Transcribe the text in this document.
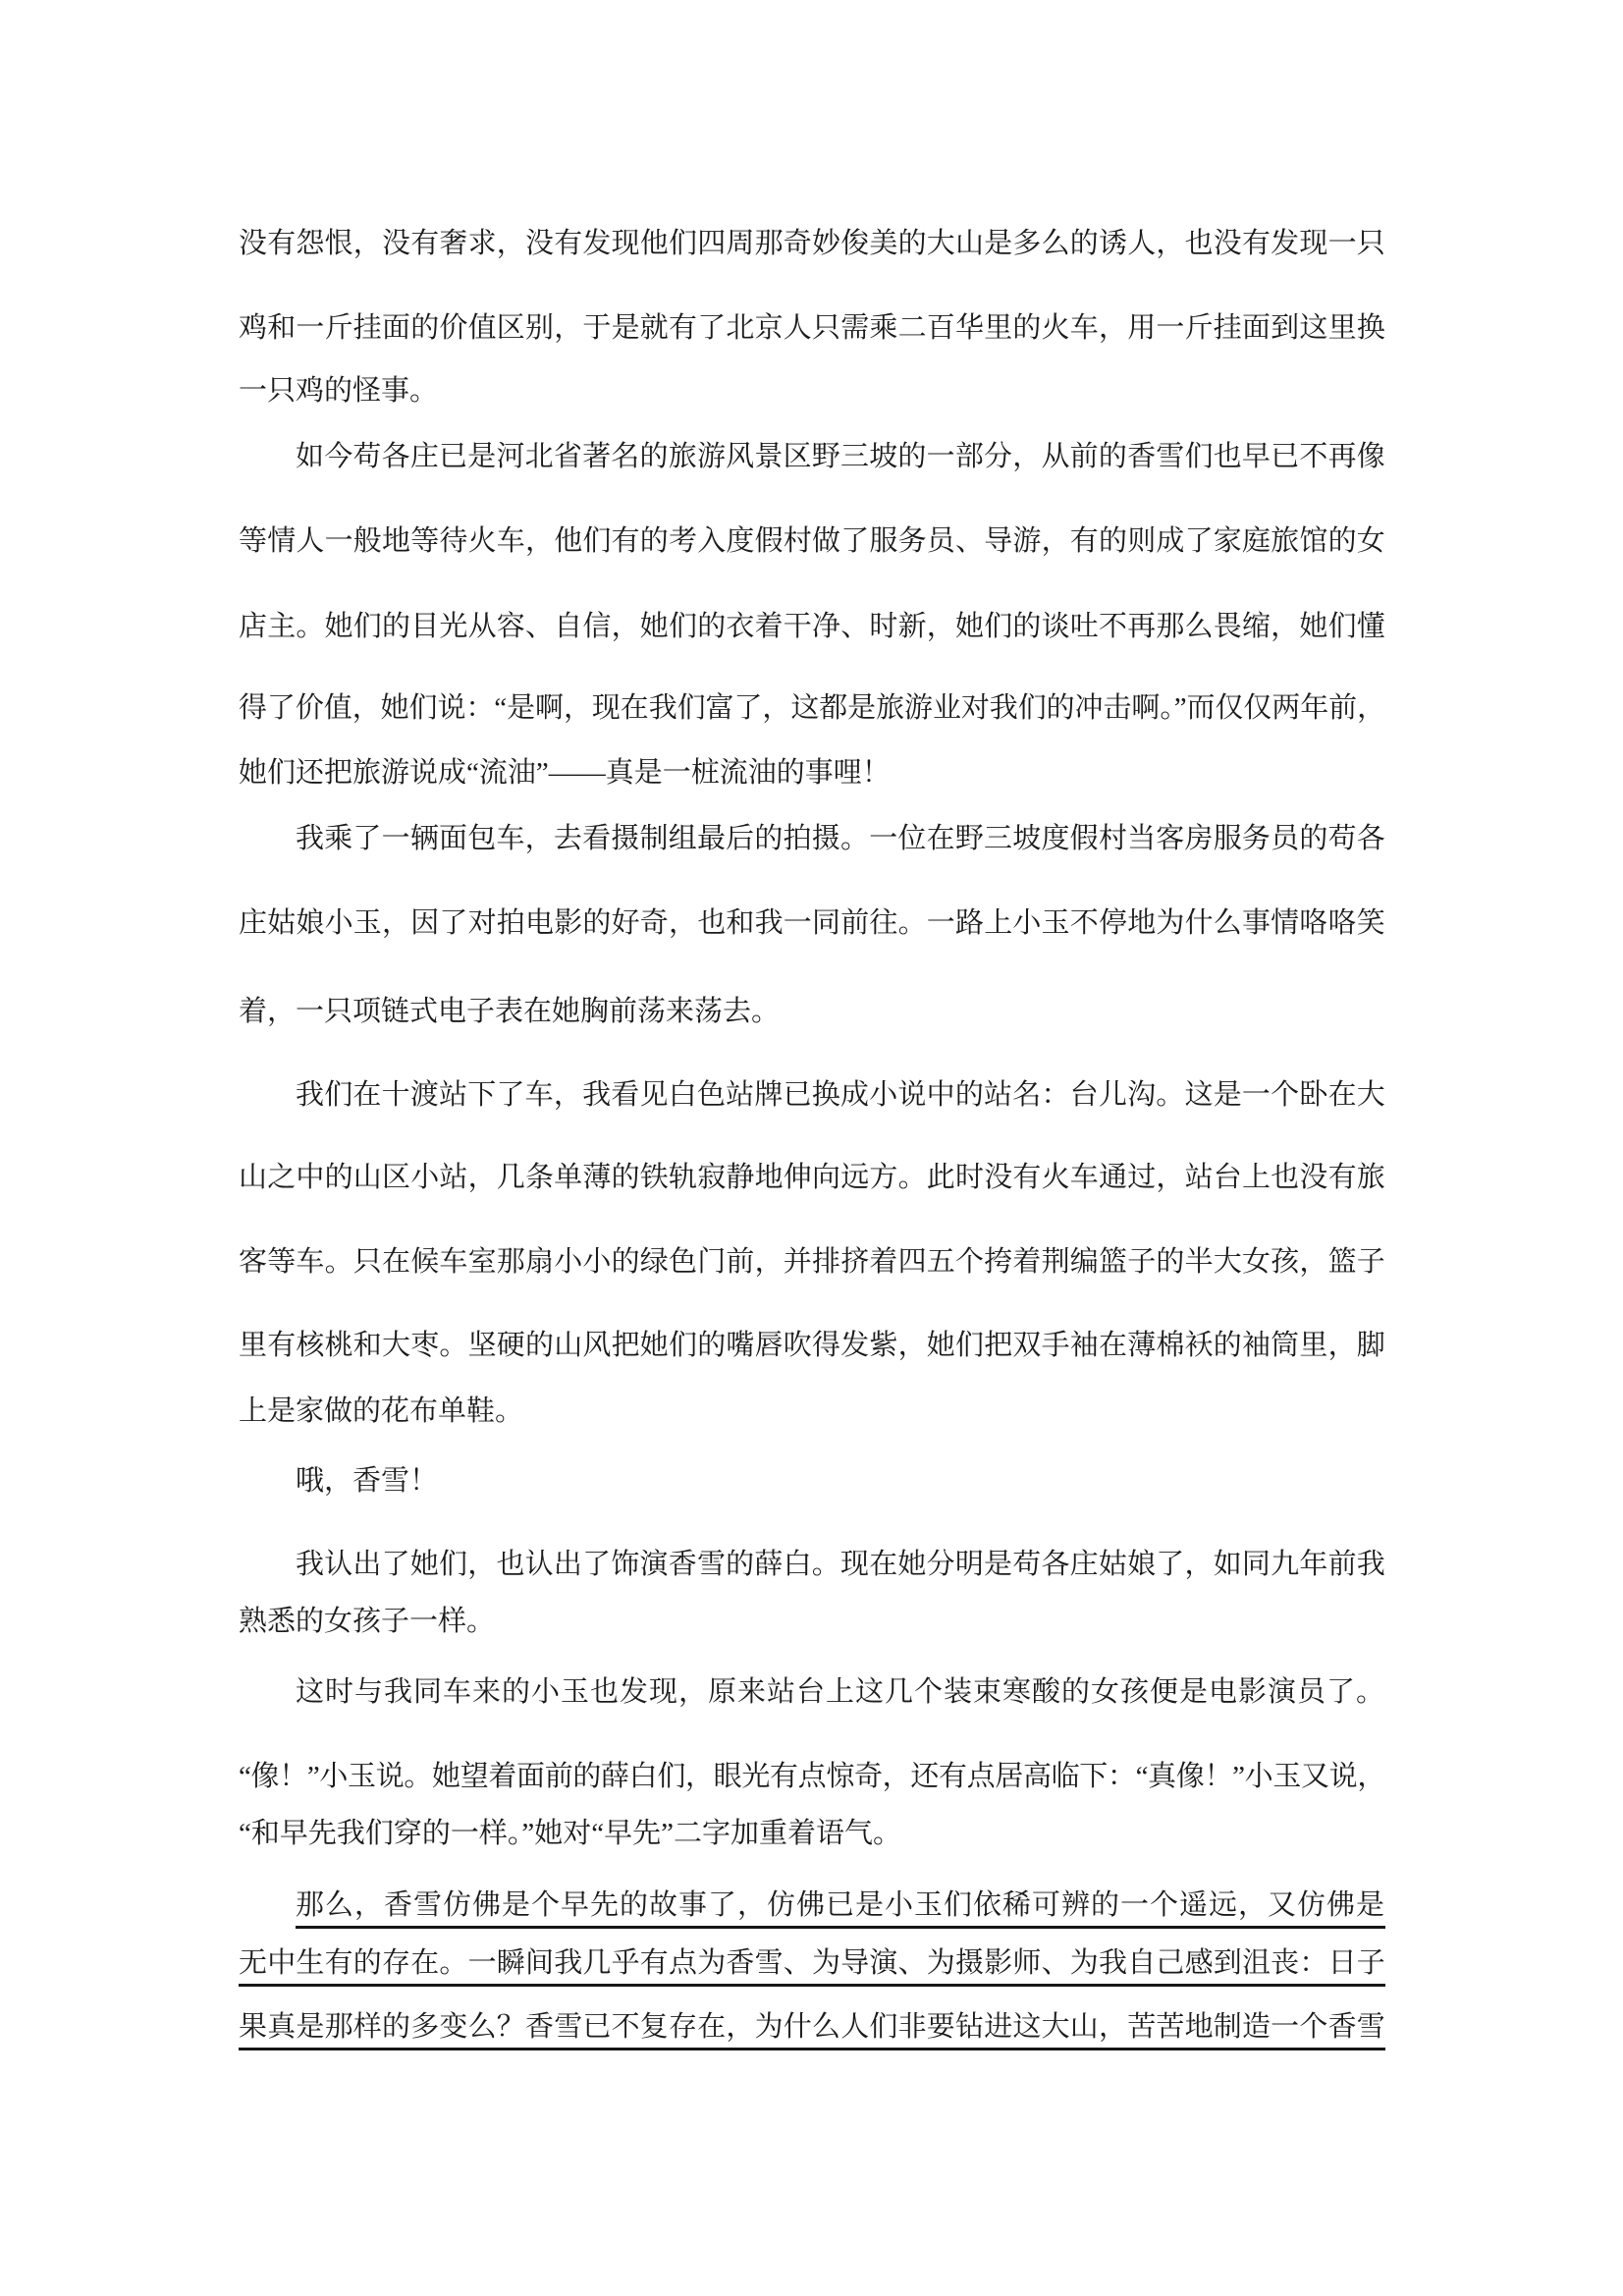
没有怨恨，没有奢求，没有发现他们四周那奇妙俊美的大山是多么的诱人，也没有发现一只
鸡和一斤挂面的价值区别，于是就有了北京人只需乘二百华里的火车，用一斤挂面到这里换
一只鸡的怪事。
如今苟各庄已是河北省著名的旅游风景区野三坡的一部分，从前的香雪们也早已不再像
等情人一般地等待火车，他们有的考入度假村做了服务员、导游，有的则成了家庭旅馆的女
店主。她们的目光从容、自信，她们的衣着干净、时新，她们的谈吐不再那么畏缩，她们懂
得了价值，她们说：“是啊，现在我们富了，这都是旅游业对我们的冲击啊。”而仅仅两年前，
她们还把旅游说成“流油”——真是一桩流油的事哩！
我乘了一辆面包车，去看摄制组最后的拍摄。一位在野三坡度假村当客房服务员的苟各
庄姑娘小玉，因了对拍电影的好奇，也和我一同前往。一路上小玉不停地为什么事情咯咯笑
着，一只项链式电子表在她胸前荡来荡去。
我们在十渡站下了车，我看见白色站牌已换成小说中的站名：台儿沟。这是一个卧在大
山之中的山区小站，几条单薄的铁轨寂静地伸向远方。此时没有火车通过，站台上也没有旅
客等车。只在候车室那扇小小的绿色门前，并排挤着四五个挎着荆编篮子的半大女孩，篮子
里有核桃和大枣。坚硬的山风把她们的嘴唇吹得发紫，她们把双手袖在薄棉袄的袖筒里，脚
上是家做的花布单鞋。
哦，香雪！
我认出了她们，也认出了饰演香雪的薛白。现在她分明是苟各庄姑娘了，如同九年前我
熟悉的女孩子一样。
这时与我同车来的小玉也发现，原来站台上这几个装束寒酸的女孩便是电影演员了。
“像！”小玉说。她望着面前的薛白们，眼光有点惊奇，还有点居高临下：“真像！”小玉又说，
“和早先我们穿的一样。”她对“早先”二字加重着语气。
那么，香雪仿佛是个早先的故事了，仿佛已是小玉们依稀可辨的一个遥远，又仿佛是
无中生有的存在。一瞬间我几乎有点为香雪、为导演、为摄影师、为我自己感到沮丧：日子
果真是那样的多变么？香雪已不复存在，为什么人们非要钻进这大山，苦苦地制造一个香雪
